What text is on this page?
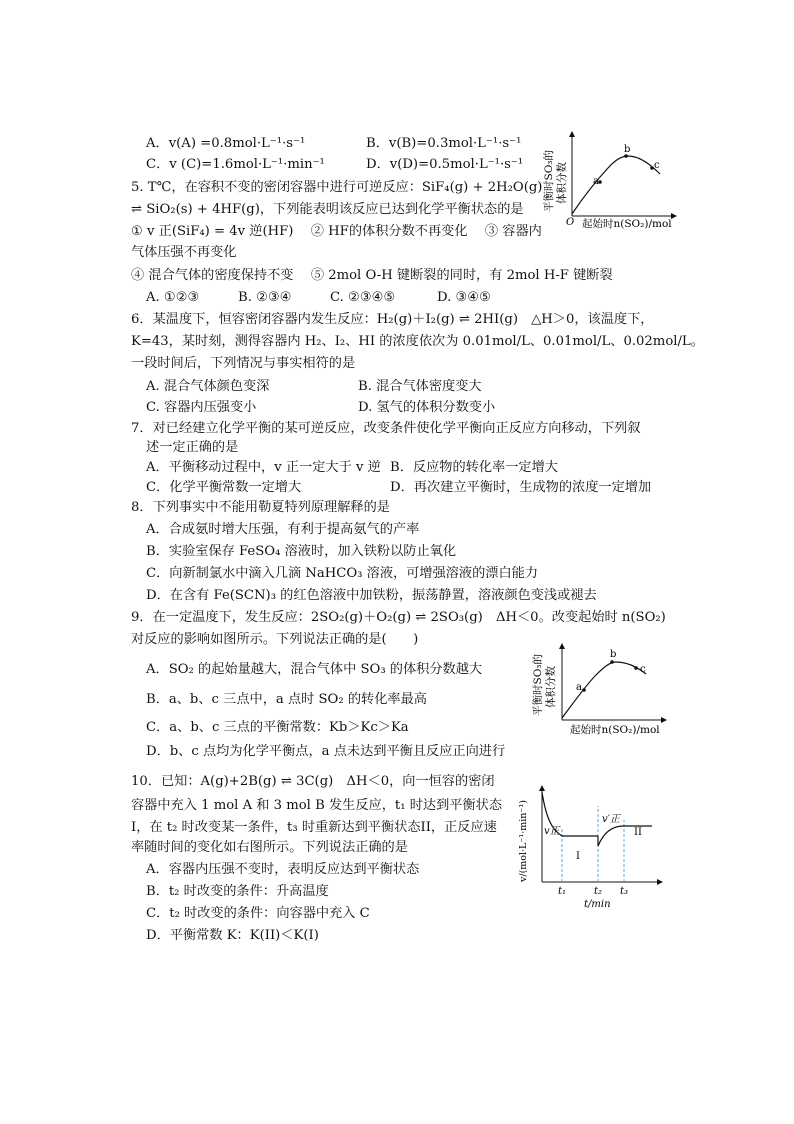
A．v(A) =0.8mol·L⁻¹·s⁻¹	B．v(B)=0.3mol·L⁻¹·s⁻¹
C．v (C)=1.6mol·L⁻¹·min⁻¹	D．v(D)=0.5mol·L⁻¹·s⁻¹
5. T℃，在容积不变的密闭容器中进行可逆反应：SiF₄(g) + 2H₂O(g)
⇌ SiO₂(s) + 4HF(g)，下列能表明该反应已达到化学平衡状态的是
① v 正(SiF₄) = 4v 逆(HF)　 ② HF的体积分数不再变化　 ③ 容器内
气体压强不再变化
④ 混合气体的密度保持不变　 ⑤ 2mol O-H 键断裂的同时，有 2mol H-F 键断裂
A. ①②③	B. ②③④	C. ②③④⑤	D. ③④⑤
6．某温度下，恒容密闭容器内发生反应：H₂(g)＋I₂(g) ⇌ 2HI(g)　△H＞0，该温度下，
K=43，某时刻，测得容器内 H₂、I₂、HI 的浓度依次为 0.01mol/L、0.01mol/L、0.02mol/L。
一段时间后，下列情况与事实相符的是
A. 混合气体颜色变深	B. 混合气体密度变大
C. 容器内压强变小	D. 氢气的体积分数变小
7．对已经建立化学平衡的某可逆反应，改变条件使化学平衡向正反应方向移动，下列叙
述一定正确的是
A．平衡移动过程中，v 正一定大于 v 逆 B．反应物的转化率一定增大
C．化学平衡常数一定增大	D．再次建立平衡时，生成物的浓度一定增加
8．下列事实中不能用勒夏特列原理解释的是
A．合成氨时增大压强，有利于提高氨气的产率
B．实验室保存 FeSO₄ 溶液时，加入铁粉以防止氧化
C．向新制氯水中滴入几滴 NaHCO₃ 溶液，可增强溶液的漂白能力
D．在含有 Fe(SCN)₃ 的红色溶液中加铁粉，振荡静置，溶液颜色变浅或褪去
9．在一定温度下，发生反应：2SO₂(g)＋O₂(g) ⇌ 2SO₃(g)　ΔH＜0。改变起始时 n(SO₂)
对反应的影响如图所示。下列说法正确的是(　　)
A．SO₂ 的起始量越大，混合气体中 SO₃ 的体积分数越大
B．a、b、c 三点中，a 点时 SO₂ 的转化率最高
C．a、b、c 三点的平衡常数：Kb＞Kc＞Ka
D．b、c 点均为化学平衡点，a 点未达到平衡且反应正向进行
10．已知：A(g)+2B(g) ⇌ 3C(g)　ΔH＜0，向一恒容的密闭
容器中充入 1 mol A 和 3 mol B 发生反应，t₁ 时达到平衡状态
I，在 t₂ 时改变某一条件，t₃ 时重新达到平衡状态II，正反应速
率随时间的变化如右图所示。下列说法正确的是
A．容器内压强不变时，表明反应达到平衡状态
B．t₂ 时改变的条件：升高温度
C．t₂ 时改变的条件：向容器中充入 C
D．平衡常数 K：K(II)＜K(I)
a
b
c
O 起始时n(SO₂)/mol
平衡时SO₃的 体积分数
a
b
c
起始时n(SO₂)/mol
平衡时SO₃的 体积分数
v正
v′正
I
II
t₁	t₂ t₃
t/min
v/(mol·L⁻¹·min⁻¹)
